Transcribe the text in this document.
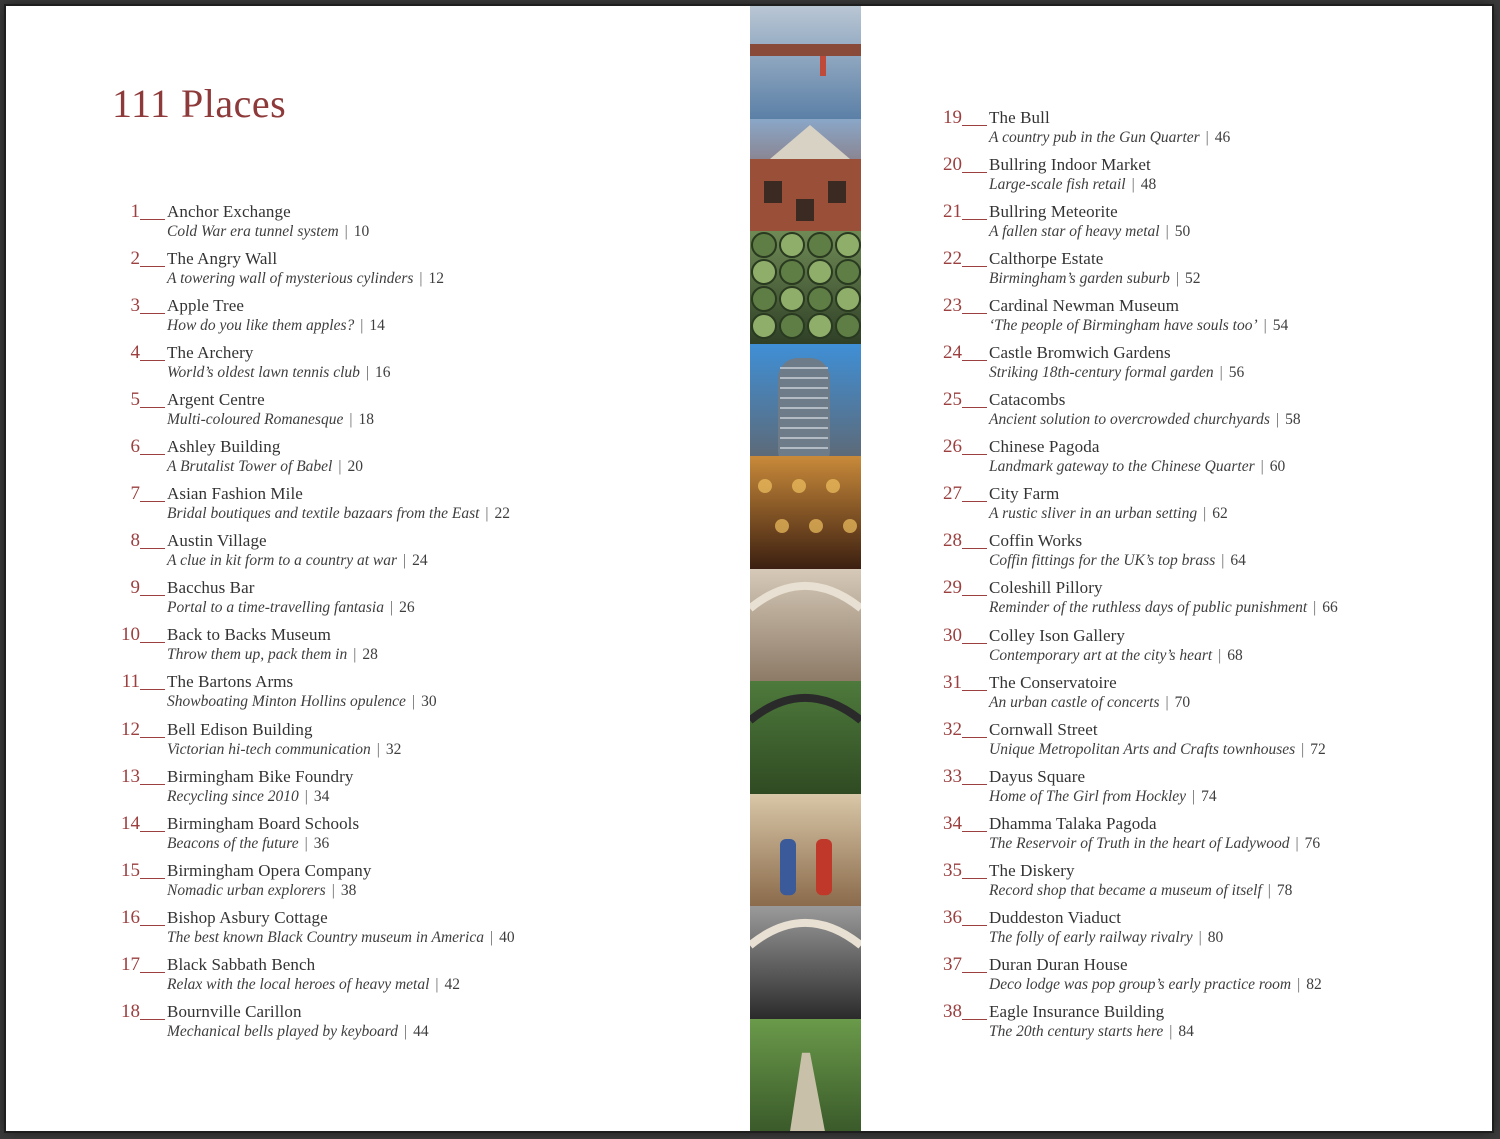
111 Places
1 Anchor Exchange
Cold War era tunnel system | 10
2 The Angry Wall
A towering wall of mysterious cylinders | 12
3 Apple Tree
How do you like them apples? | 14
4 The Archery
World’s oldest lawn tennis club | 16
5 Argent Centre
Multi-coloured Romanesque | 18
6 Ashley Building
A Brutalist Tower of Babel | 20
7 Asian Fashion Mile
Bridal boutiques and textile bazaars from the East | 22
8 Austin Village
A clue in kit form to a country at war | 24
9 Bacchus Bar
Portal to a time-travelling fantasia | 26
10 Back to Backs Museum
Throw them up, pack them in | 28
11 The Bartons Arms
Showboating Minton Hollins opulence | 30
12 Bell Edison Building
Victorian hi-tech communication | 32
13 Birmingham Bike Foundry
Recycling since 2010 | 34
14 Birmingham Board Schools
Beacons of the future | 36
15 Birmingham Opera Company
Nomadic urban explorers | 38
16 Bishop Asbury Cottage
The best known Black Country museum in America | 40
17 Black Sabbath Bench
Relax with the local heroes of heavy metal | 42
18 Bournville Carillon
Mechanical bells played by keyboard | 44
19 The Bull
A country pub in the Gun Quarter | 46
20 Bullring Indoor Market
Large-scale fish retail | 48
21 Bullring Meteorite
A fallen star of heavy metal | 50
22 Calthorpe Estate
Birmingham’s garden suburb | 52
23 Cardinal Newman Museum
‘The people of Birmingham have souls too’ | 54
24 Castle Bromwich Gardens
Striking 18th-century formal garden | 56
25 Catacombs
Ancient solution to overcrowded churchyards | 58
26 Chinese Pagoda
Landmark gateway to the Chinese Quarter | 60
27 City Farm
A rustic sliver in an urban setting | 62
28 Coffin Works
Coffin fittings for the UK’s top brass | 64
29 Coleshill Pillory
Reminder of the ruthless days of public punishment | 66
30 Colley Ison Gallery
Contemporary art at the city’s heart | 68
31 The Conservatoire
An urban castle of concerts | 70
32 Cornwall Street
Unique Metropolitan Arts and Crafts townhouses | 72
33 Dayus Square
Home of The Girl from Hockley | 74
34 Dhamma Talaka Pagoda
The Reservoir of Truth in the heart of Ladywood | 76
35 The Diskery
Record shop that became a museum of itself | 78
36 Duddeston Viaduct
The folly of early railway rivalry | 80
37 Duran Duran House
Deco lodge was pop group’s early practice room | 82
38 Eagle Insurance Building
The 20th century starts here | 84
